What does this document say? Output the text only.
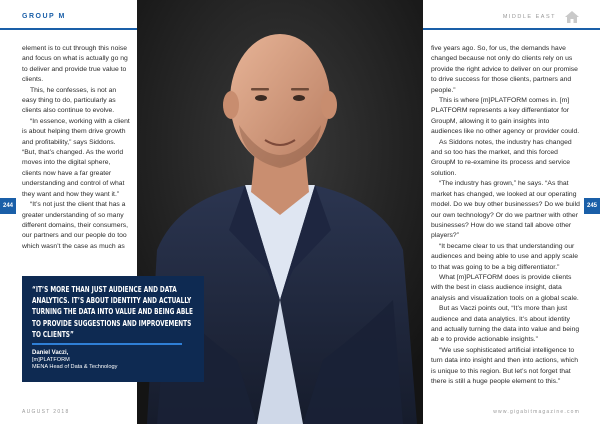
GROUP M	MIDDLE EAST

element is to cut through this noise and focus on what is actually go ng to deliver and provide true value to clients.

This, he confesses, is not an easy thing to do, particularly as clients also continue to evolve.

“In essence, working with a client is about helping them drive growth and profitability,” says Siddons. “But, that’s changed. As the world moves into the digital sphere, clients now have a far greater understanding and control of what they want and how they want it.”

“It’s not just the client that has a greater understanding of so many different domains, their consumers, our partners and our people do too which wasn’t the case as much as

five years ago. So, for us, the demands have changed because not only do clients rely on us provide the right advice to deliver on our promise to drive success for those clients, partners and people.”

This is where [m]PLATFORM comes in. [m] PLATFORM represents a key differentiator for GroupM, allowing it to gain insights into audiences like no other agency or provider could.

As Siddons notes, the industry has changed and so too has the market, and this forced GroupM to re-examine its process and service solution.

“The industry has grown,” he says. “As that market has changed, we looked at our operating model. Do we buy other businesses? Do we build our own technology? Or do we partner with other businesses? How do we stand tall above other players?”

“It became clear to us that understanding our audiences and being able to use and apply scale to that was going to be a big differentiator.”

What [m]PLATFORM does is provide clients with the best in class audience insight, data analysis and visualization tools on a global scale.

But as Vaczi points out, “It’s more than just audience and data analytics. It’s about identity and actually turning the data into value and being ab e to provide actionable insights.”

“We use sophisticated artificial intelligence to turn data into insight and then into actions, which is unique to this region. But let’s not forget that there is still a huge people element to this.”

244	245
“IT’S MORE THAN JUST AUDIENCE AND DATA ANALYTICS. IT’S ABOUT IDENTITY AND ACTUALLY TURNING THE DATA INTO VALUE AND BEING ABLE TO PROVIDE SUGGESTIONS AND IMPROVEMENTS TO CLIENTS”
Daniel Vaczi,
[m]PLATFORM
MENA Head of Data & Technology
AUGUST 2018	www.gigabitmagazine.com
